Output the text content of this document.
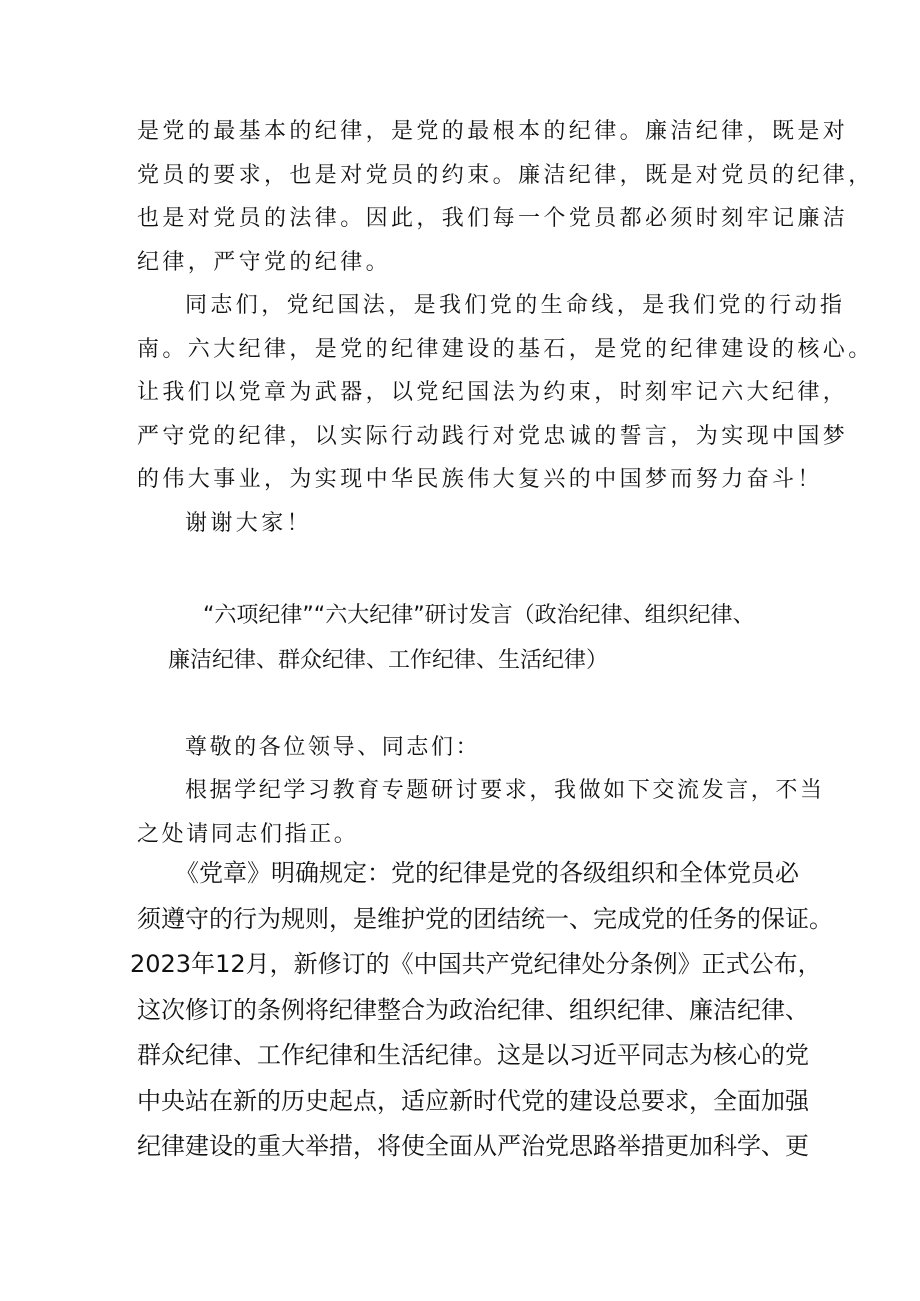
是党的最基本的纪律，是党的最根本的纪律。廉洁纪律，既是对
党员的要求，也是对党员的约束。廉洁纪律，既是对党员的纪律，
也是对党员的法律。因此，我们每一个党员都必须时刻牢记廉洁
纪律，严守党的纪律。
同志们，党纪国法，是我们党的生命线，是我们党的行动指
南。六大纪律，是党的纪律建设的基石，是党的纪律建设的核心。
让我们以党章为武器，以党纪国法为约束，时刻牢记六大纪律，
严守党的纪律，以实际行动践行对党忠诚的誓言，为实现中国梦
的伟大事业，为实现中华民族伟大复兴的中国梦而努力奋斗！
谢谢大家！
“六项纪律”“六大纪律”研讨发言（政治纪律、组织纪律、
廉洁纪律、群众纪律、工作纪律、生活纪律）
尊敬的各位领导、同志们：
根据学纪学习教育专题研讨要求，我做如下交流发言，不当
之处请同志们指正。
《党章》明确规定：党的纪律是党的各级组织和全体党员必
须遵守的行为规则，是维护党的团结统一、完成党的任务的保证。
2023年12月，新修订的《中国共产党纪律处分条例》正式公布，
这次修订的条例将纪律整合为政治纪律、组织纪律、廉洁纪律、
群众纪律、工作纪律和生活纪律。这是以习近平同志为核心的党
中央站在新的历史起点，适应新时代党的建设总要求，全面加强
纪律建设的重大举措，将使全面从严治党思路举措更加科学、更
